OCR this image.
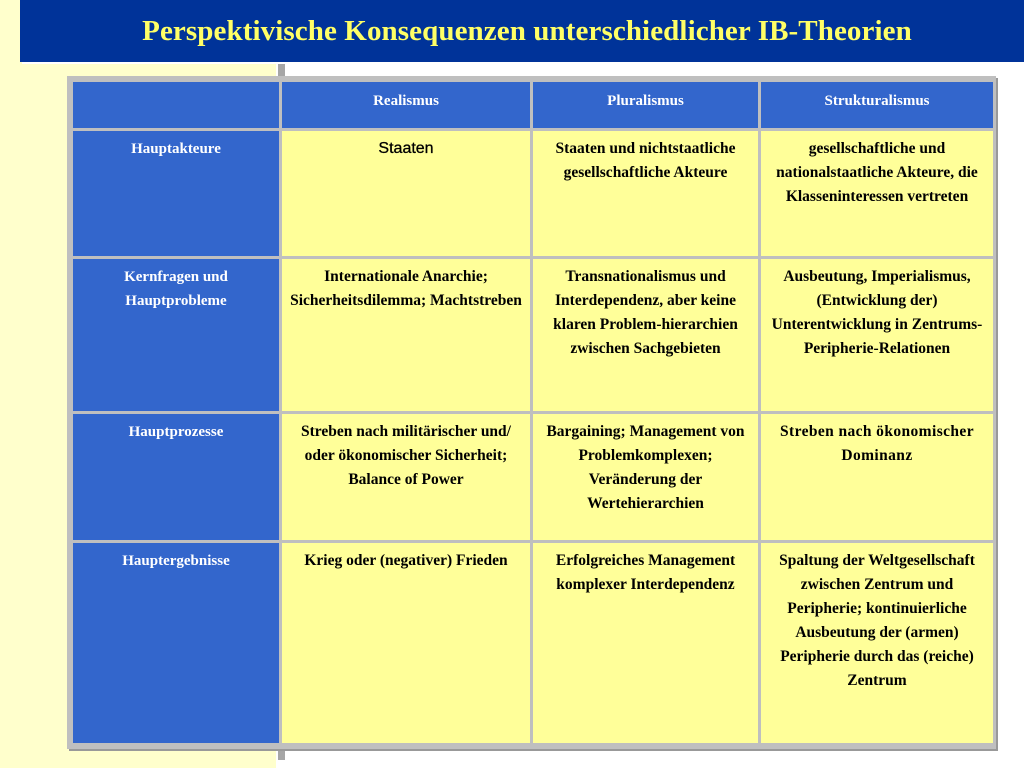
Perspektivische Konsequenzen unterschiedlicher IB-Theorien
	Realismus	Pluralismus	Strukturalismus
Hauptakteure	Staaten	Staaten und nichtstaatliche gesellschaftliche Akteure	gesellschaftliche und nationalstaatliche Akteure, die Klasseninteressen vertreten
Kernfragen und Hauptprobleme	Internationale Anarchie; Sicherheitsdilemma; Machtstreben	Transnationalismus und Interdependenz, aber keine klaren Problem-hierarchien zwischen Sachgebieten	Ausbeutung, Imperialismus, (Entwicklung der) Unterentwicklung in Zentrums-Peripherie-Relationen
Hauptprozesse	Streben nach militärischer und/ oder ökonomischer Sicherheit; Balance of Power	Bargaining; Management von Problemkomplexen; Veränderung der Wertehierarchien	Streben nach ökonomischer Dominanz
Hauptergebnisse	Krieg oder (negativer) Frieden	Erfolgreiches Management komplexer Interdependenz	Spaltung der Weltgesellschaft zwischen Zentrum und Peripherie; kontinuierliche Ausbeutung der (armen) Peripherie durch das (reiche) Zentrum
